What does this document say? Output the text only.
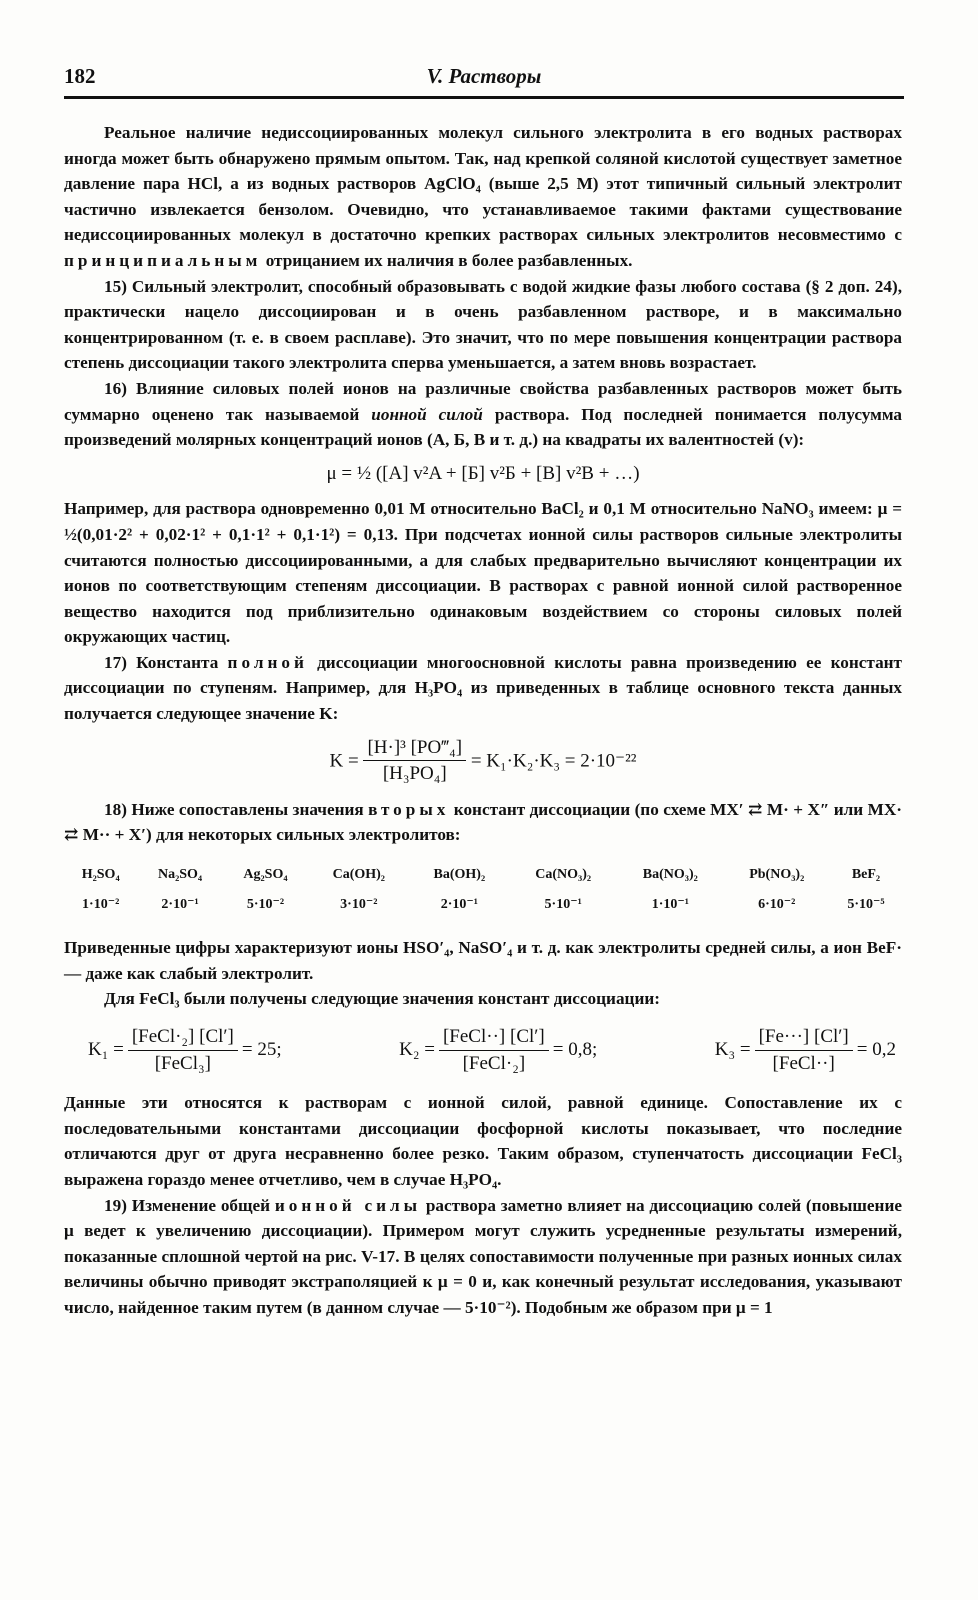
182	V. Растворы

Реальное наличие недиссоциированных молекул сильного электролита в его водных растворах иногда может быть обнаружено прямым опытом. Так, над крепкой соляной кислотой существует заметное давление пара HCl, а из водных растворов AgClO₄ (выше 2,5 M) этот типичный сильный электролит частично извлекается бензолом. Очевидно, что устанавливаемое такими фактами существование недиссоциированных молекул в достаточно крепких растворах сильных электролитов несовместимо с принципиальным отрицанием их наличия в более разбавленных.

15) Сильный электролит, способный образовывать с водой жидкие фазы любого состава (§ 2 доп. 24), практически нацело диссоциирован и в очень разбавленном растворе, и в максимально концентрированном (т. е. в своем расплаве). Это значит, что по мере повышения концентрации раствора степень диссоциации такого электролита сперва уменьшается, а затем вновь возрастает.

16) Влияние силовых полей ионов на различные свойства разбавленных растворов может быть суммарно оценено так называемой ионной силой раствора. Под последней понимается полусумма произведений молярных концентраций ионов (А, Б, В и т. д.) на квадраты их валентностей (v):

μ = ½ ([A] v²A + [Б] v²Б + [B] v²B + …)

Например, для раствора одновременно 0,01 M относительно BaCl₂ и 0,1 M относительно NaNO₃ имеем: μ = ½(0,01·2² + 0,02·1² + 0,1·1² + 0,1·1²) = 0,13. При подсчетах ионной силы растворов сильные электролиты считаются полностью диссоциированными, а для слабых предварительно вычисляют концентрации их ионов по соответствующим степеням диссоциации. В растворах с равной ионной силой растворенное вещество находится под приблизительно одинаковым воздействием со стороны силовых полей окружающих частиц.

17) Константа полной диссоциации многоосновной кислоты равна произведению ее констант диссоциации по ступеням. Например, для H₃PO₄ из приведенных в таблице основного текста данных получается следующее значение K:

$K = \frac{\text{[H·]³ [PO‴₄]}}{\text{[H₃PO₄]}} = K_1\cdot K_2\cdot K_3 = 2\cdot 10^{-22}$

18) Ниже сопоставлены значения вторых констант диссоциации (по схеме MX′ ⇄ M· + X″ или MX· ⇄ M·· + X′) для некоторых сильных электролитов:

H₂SO₄	Na₂SO₄	Ag₂SO₄	Ca(OH)₂	Ba(OH)₂	Ca(NO₃)₂	Ba(NO₃)₂	Pb(NO₃)₂	BeF₂
1·10⁻²	2·10⁻¹	5·10⁻²	3·10⁻²	2·10⁻¹	5·10⁻¹	1·10⁻¹	6·10⁻²	5·10⁻⁵

Приведенные цифры характеризуют ионы HSO′₄, NaSO′₄ и т. д. как электролиты средней силы, а ион BeF· — даже как слабый электролит.

Для FeCl₃ были получены следующие значения констант диссоциации:

$K_1 = \frac{\text{[FeCl·₂] [Cl′]}}{\text{[FeCl₃]}} = 25$;	$K_2 = \frac{\text{[FeCl··] [Cl′]}}{\text{[FeCl·₂]}} = 0,8$;	$K_3 = \frac{[Fe\cdot\cdot\cdot] [Cl']}{\text{[FeCl··]}} = 0,2$

Данные эти относятся к растворам с ионной силой, равной единице. Сопоставление их с последовательными константами диссоциации фосфорной кислоты показывает, что последние отличаются друг от друга несравненно более резко. Таким образом, ступенчатость диссоциации FeCl₃ выражена гораздо менее отчетливо, чем в случае H₃PO₄.

19) Изменение общей ионной силы раствора заметно влияет на диссоциацию солей (повышение μ ведет к увеличению диссоциации). Примером могут служить усредненные результаты измерений, показанные сплошной чертой на рис. V-17. В целях сопоставимости полученные при разных ионных силах величины обычно приводят экстраполяцией к μ = 0 и, как конечный результат исследования, указывают число, найденное таким путем (в данном случае — 5·10⁻²). Подобным же образом при μ = 1
